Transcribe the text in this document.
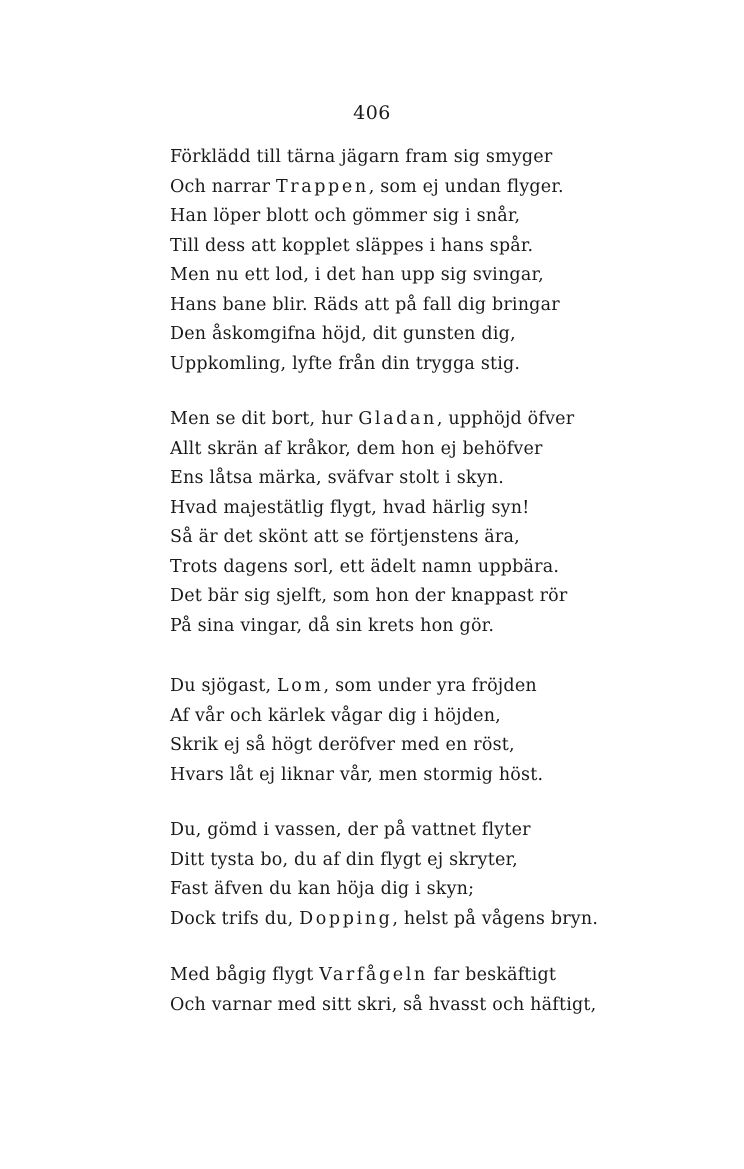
406
Förklädd till tärna jägarn fram sig smyger
Och narrar Trappen, som ej undan flyger.
Han löper blott och gömmer sig i snår,
Till dess att kopplet släppes i hans spår.
Men nu ett lod, i det han upp sig svingar,
Hans bane blir. Räds att på fall dig bringar
Den åskomgifna höjd, dit gunsten dig,
Uppkomling, lyfte från din trygga stig.
Men se dit bort, hur Gladan, upphöjd öfver
Allt skrän af kråkor, dem hon ej behöfver
Ens låtsa märka, sväfvar stolt i skyn.
Hvad majestätlig flygt, hvad härlig syn!
Så är det skönt att se förtjenstens ära,
Trots dagens sorl, ett ädelt namn uppbära.
Det bär sig sjelft, som hon der knappast rör
På sina vingar, då sin krets hon gör.
Du sjögast, Lom, som under yra fröjden
Af vår och kärlek vågar dig i höjden,
Skrik ej så högt deröfver med en röst,
Hvars låt ej liknar vår, men stormig höst.
Du, gömd i vassen, der på vattnet flyter
Ditt tysta bo, du af din flygt ej skryter,
Fast äfven du kan höja dig i skyn;
Dock trifs du, Dopping, helst på vågens bryn.
Med bågig flygt Varfågeln far beskäftigt
Och varnar med sitt skri, så hvasst och häftigt,
